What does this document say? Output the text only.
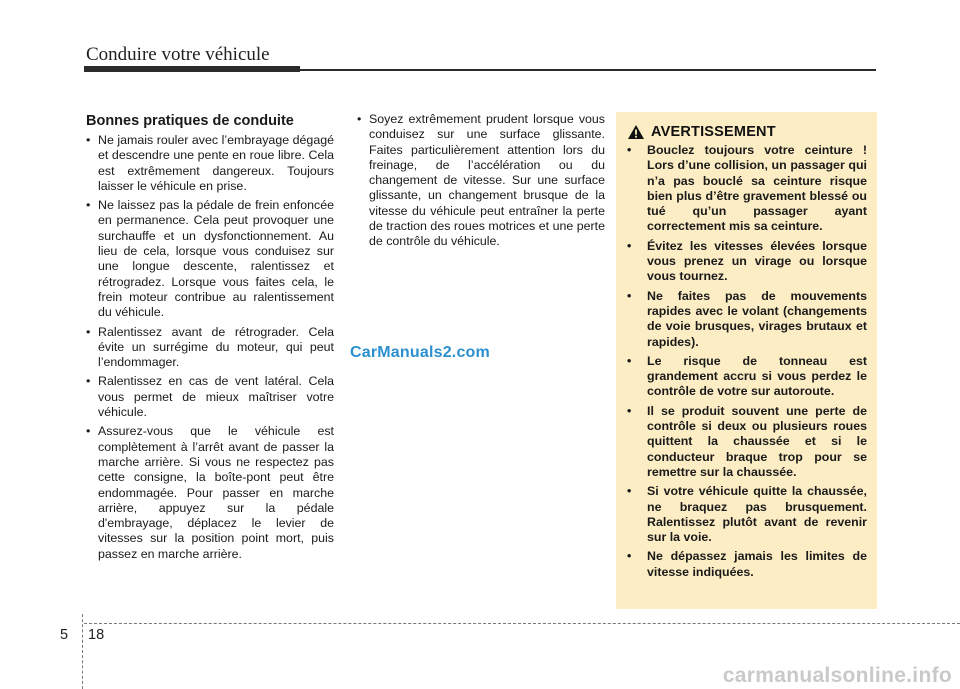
Conduire votre véhicule
Bonnes pratiques de conduite
• Ne jamais rouler avec l’embrayage dégagé et descendre une pente en roue libre. Cela est extrêmement dangereux. Toujours laisser le véhicule en prise.
• Ne laissez pas la pédale de frein enfoncée en permanence. Cela peut provoquer une surchauffe et un dysfonctionnement. Au lieu de cela, lorsque vous conduisez sur une longue descente, ralentissez et rétrogradez. Lorsque vous faites cela, le frein moteur contribue au ralentissement du véhicule.
• Ralentissez avant de rétrograder. Cela évite un surrégime du moteur, qui peut l’endommager.
• Ralentissez en cas de vent latéral. Cela vous permet de mieux maîtriser votre véhicule.
• Assurez-vous que le véhicule est complètement à l’arrêt avant de passer la marche arrière. Si vous ne respectez pas cette consigne, la boîte-pont peut être endommagée. Pour passer en marche arrière, appuyez sur la pédale d'embrayage, déplacez le levier de vitesses sur la position point mort, puis passez en marche arrière.
• Soyez extrêmement prudent lorsque vous conduisez sur une surface glissante. Faites particulièrement attention lors du freinage, de l’accélération ou du changement de vitesse. Sur une surface glissante, un changement brusque de la vitesse du véhicule peut entraîner la perte de traction des roues motrices et une perte de contrôle du véhicule.
AVERTISSEMENT
• Bouclez toujours votre ceinture ! Lors d’une collision, un passager qui n’a pas bouclé sa ceinture risque bien plus d’être gravement blessé ou tué qu’un passager ayant correctement mis sa ceinture.
• Évitez les vitesses élevées lorsque vous prenez un virage ou lorsque vous tournez.
• Ne faites pas de mouvements rapides avec le volant (changements de voie brusques, virages brutaux et rapides).
• Le risque de tonneau est grandement accru si vous perdez le contrôle de votre sur autoroute.
• Il se produit souvent une perte de contrôle si deux ou plusieurs roues quittent la chaussée et si le conducteur braque trop pour se remettre sur la chaussée.
• Si votre véhicule quitte la chaussée, ne braquez pas brusquement. Ralentissez plutôt avant de revenir sur la voie.
• Ne dépassez jamais les limites de vitesse indiquées.
CarManuals2.com
5 18
carmanualsonline.info
